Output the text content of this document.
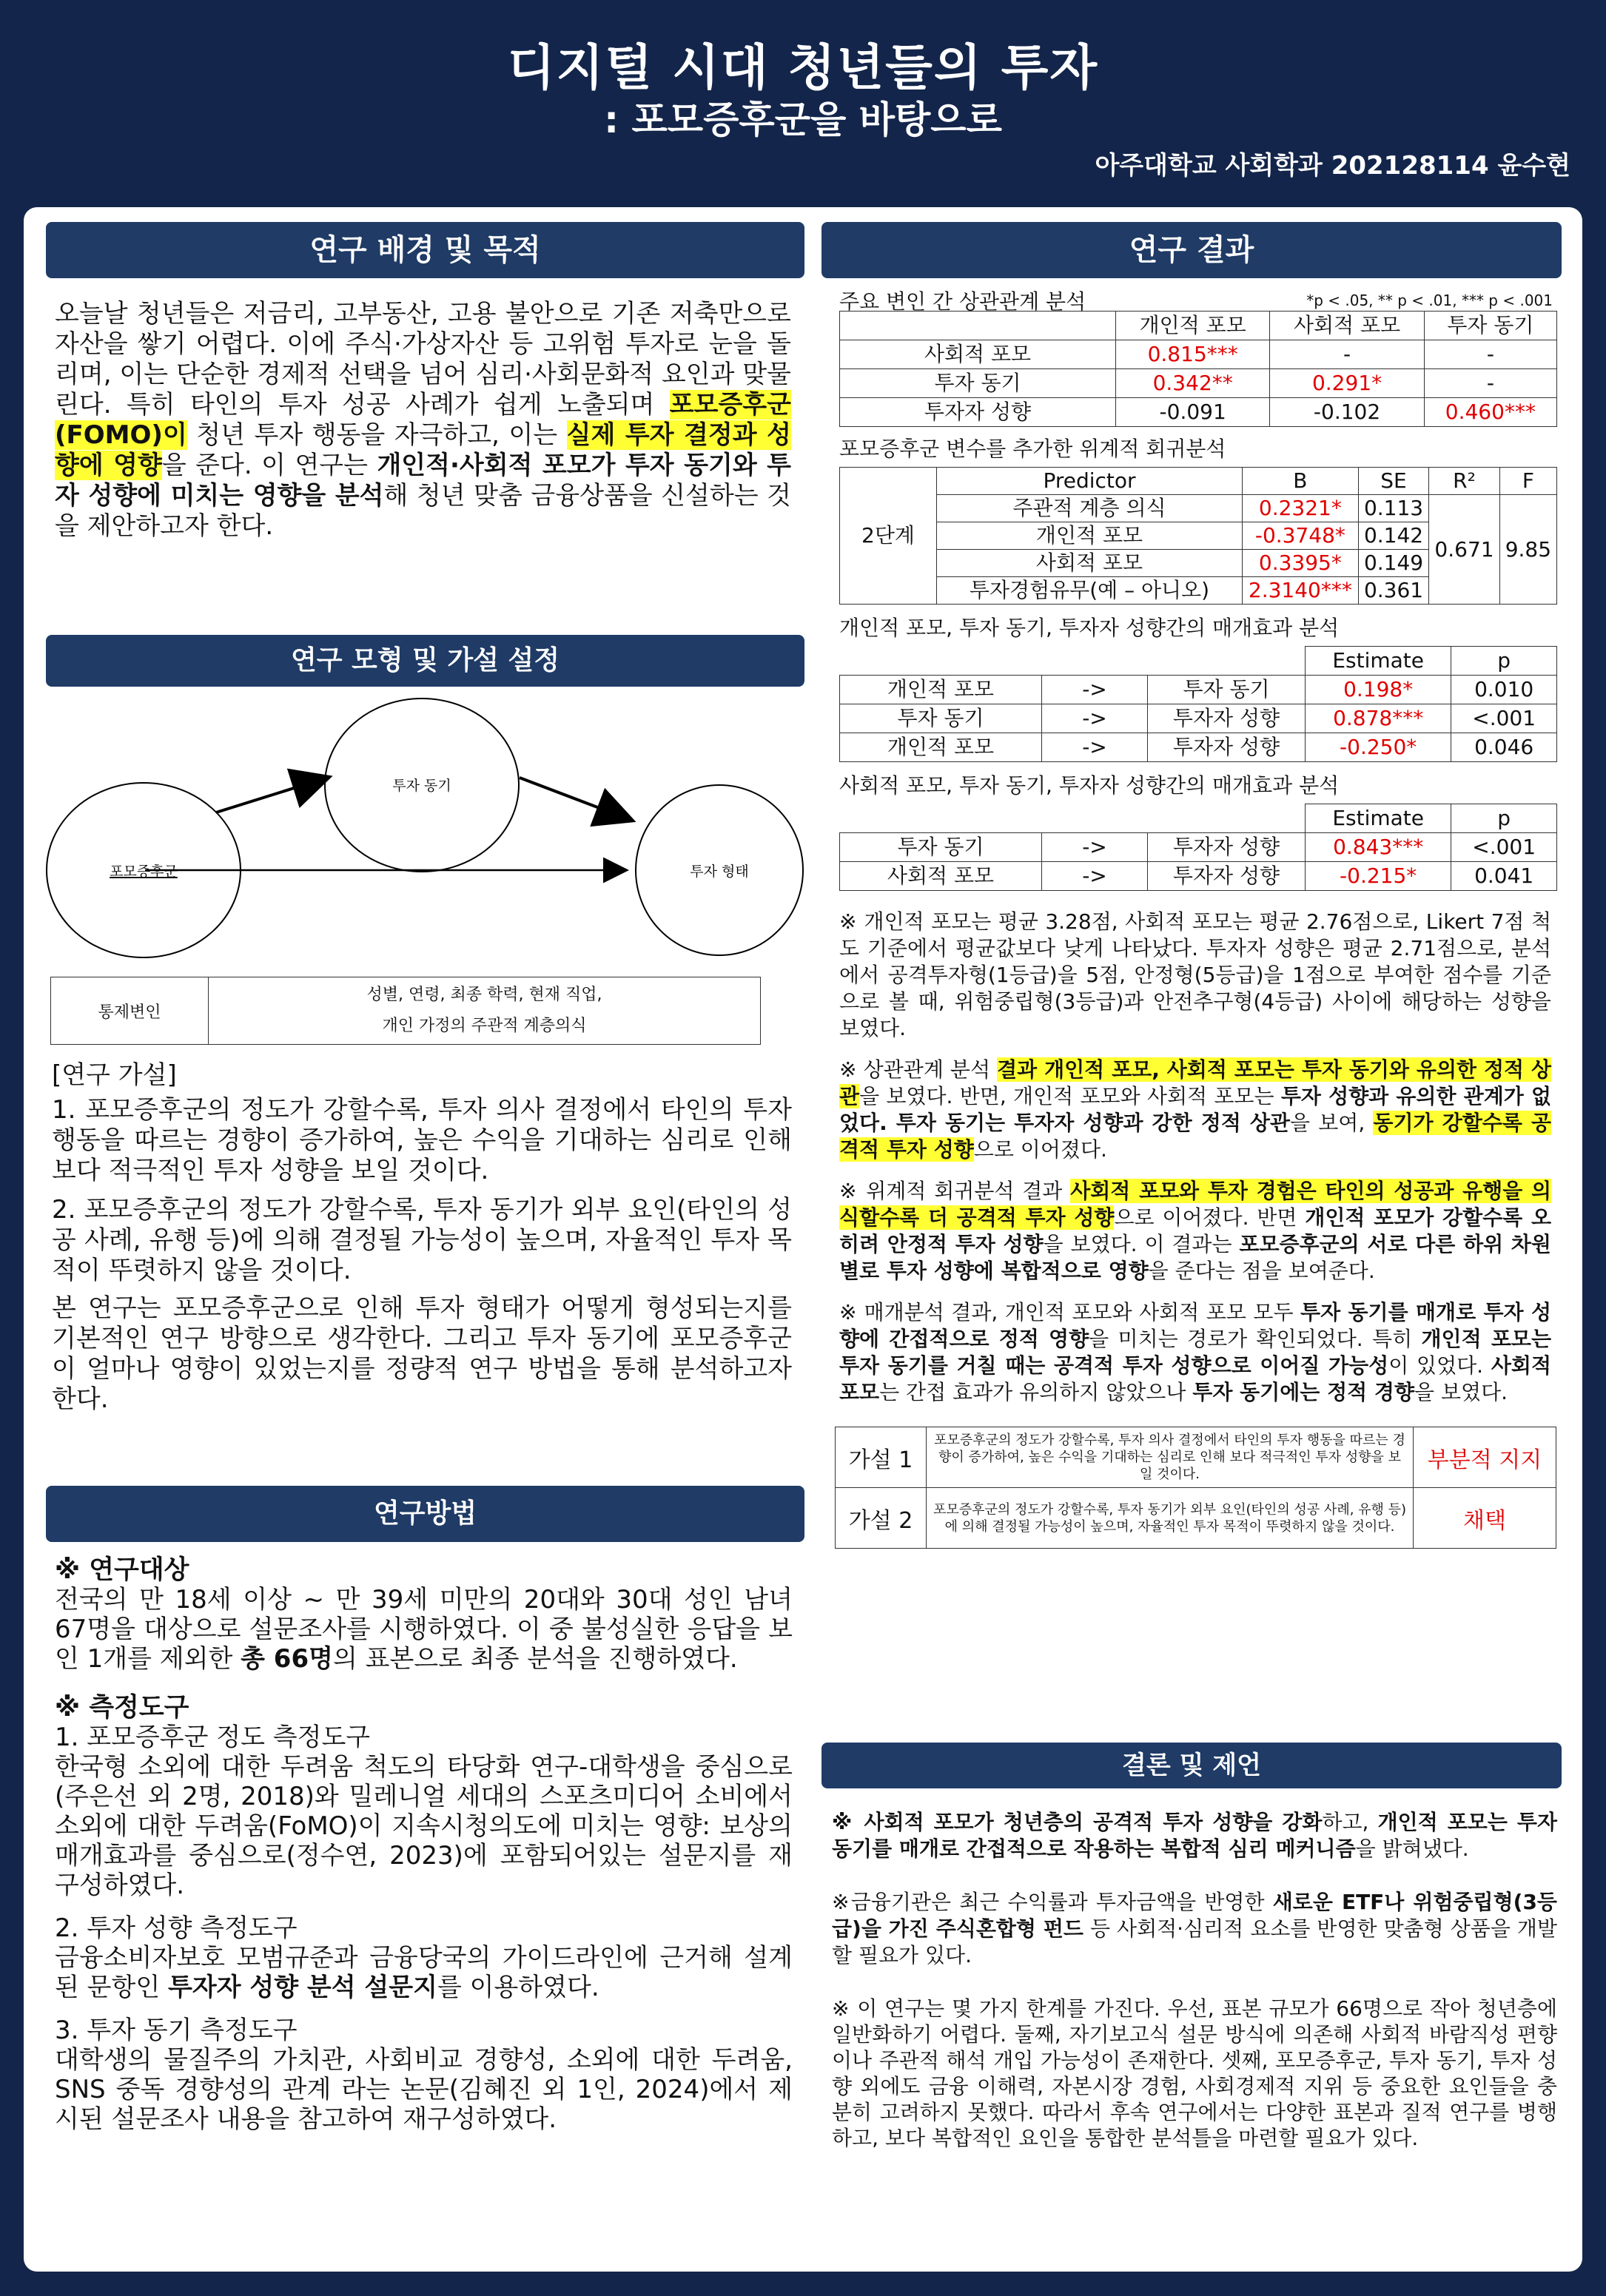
디지털 시대 청년들의 투자
: 포모증후군을 바탕으로
아주대학교 사회학과 202128114 윤수현
연구 배경 및 목적

오늘날 청년들은 저금리, 고부동산, 고용 불안으로 기존 저축만으로 자산을 쌓기 어렵다. 이에 주식·가상자산 등 고위험 투자로 눈을 돌리며, 이는 단순한 경제적 선택을 넘어 심리·사회문화적 요인과 맞물린다. 특히 타인의 투자 성공 사례가 쉽게 노출되며 포모증후군(FOMO)이 청년 투자 행동을 자극하고, 이는 실제 투자 결정과 성향에 영향을 준다. 이 연구는 개인적·사회적 포모가 투자 동기와 투자 성향에 미치는 영향을 분석해 청년 맞춤 금융상품을 신설하는 것을 제안하고자 한다.

연구 모형 및 가설 설정
포모증후군
투자 동기
투자 형태
통제변인	
성별, 연령, 최종 학력, 현재 직업,
개인 가정의 주관적 계층의식

[연구 가설]

1. 포모증후군의 정도가 강할수록, 투자 의사 결정에서 타인의 투자 행동을 따르는 경향이 증가하여, 높은 수익을 기대하는 심리로 인해 보다 적극적인 투자 성향을 보일 것이다.

2. 포모증후군의 정도가 강할수록, 투자 동기가 외부 요인(타인의 성공 사례, 유행 등)에 의해 결정될 가능성이 높으며, 자율적인 투자 목적이 뚜렷하지 않을 것이다.

본 연구는 포모증후군으로 인해 투자 형태가 어떻게 형성되는지를 기본적인 연구 방향으로 생각한다. 그리고 투자 동기에 포모증후군이 얼마나 영향이 있었는지를 정량적 연구 방법을 통해 분석하고자 한다.

연구방법

※ 연구대상

전국의 만 18세 이상 ~ 만 39세 미만의 20대와 30대 성인 남녀 67명을 대상으로 설문조사를 시행하였다. 이 중 불성실한 응답을 보인 1개를 제외한 총 66명의 표본으로 최종 분석을 진행하였다.

※ 측정도구

1. 포모증후군 정도 측정도구

한국형 소외에 대한 두려움 척도의 타당화 연구-대학생을 중심으로(주은선 외 2명, 2018)와 밀레니얼 세대의 스포츠미디어 소비에서 소외에 대한 두려움(FoMO)이 지속시청의도에 미치는 영향: 보상의 매개효과를 중심으로(정수연, 2023)에 포함되어있는 설문지를 재구성하였다.

2. 투자 성향 측정도구

금융소비자보호 모범규준과 금융당국의 가이드라인에 근거해 설계된 문항인 투자자 성향 분석 설문지를 이용하였다.

3. 투자 동기 측정도구

대학생의 물질주의 가치관, 사회비교 경향성, 소외에 대한 두려움, SNS 중독 경향성의 관계 라는 논문(김혜진 외 1인, 2024)에서 제시된 설문조사 내용을 참고하여 재구성하였다.

연구 결과
주요 변인 간 상관관계 분석	*p < .05, ** p < .01, *** p < .001
	개인적 포모	사회적 포모	투자 동기
사회적 포모	0.815***	-	-
투자 동기	0.342**	0.291*	-
투자자 성향	-0.091	-0.102	0.460***
포모증후군 변수를 추가한 위계적 회귀분석
2단계	Predictor	B	SE	R²	F
	주관적 계층 의식	0.2321*	0.113	0.671	9.85
	개인적 포모	-0.3748*	0.142		
	사회적 포모	0.3395*	0.149		
	투자경험유무(예 – 아니오)	2.3140***	0.361		
개인적 포모, 투자 동기, 투자자 성향간의 매개효과 분석
			Estimate	p
개인적 포모	->	투자 동기	0.198*	0.010
투자 동기	->	투자자 성향	0.878***	<.001
개인적 포모	->	투자자 성향	-0.250*	0.046
사회적 포모, 투자 동기, 투자자 성향간의 매개효과 분석
			Estimate	p
투자 동기	->	투자자 성향	0.843***	<.001
사회적 포모	->	투자자 성향	-0.215*	0.041

※ 개인적 포모는 평균 3.28점, 사회적 포모는 평균 2.76점으로, Likert 7점 척도 기준에서 평균값보다 낮게 나타났다. 투자자 성향은 평균 2.71점으로, 분석에서 공격투자형(1등급)을 5점, 안정형(5등급)을 1점으로 부여한 점수를 기준으로 볼 때, 위험중립형(3등급)과 안전추구형(4등급) 사이에 해당하는 성향을 보였다.

※ 상관관계 분석 결과 개인적 포모, 사회적 포모는 투자 동기와 유의한 정적 상관을 보였다. 반면, 개인적 포모와 사회적 포모는 투자 성향과 유의한 관계가 없었다. 투자 동기는 투자자 성향과 강한 정적 상관을 보여, 동기가 강할수록 공격적 투자 성향으로 이어졌다.

※ 위계적 회귀분석 결과 사회적 포모와 투자 경험은 타인의 성공과 유행을 의식할수록 더 공격적 투자 성향으로 이어졌다. 반면 개인적 포모가 강할수록 오히려 안정적 투자 성향을 보였다. 이 결과는 포모증후군의 서로 다른 하위 차원별로 투자 성향에 복합적으로 영향을 준다는 점을 보여준다.

※ 매개분석 결과, 개인적 포모와 사회적 포모 모두 투자 동기를 매개로 투자 성향에 간접적으로 정적 영향을 미치는 경로가 확인되었다. 특히 개인적 포모는 투자 동기를 거칠 때는 공격적 투자 성향으로 이어질 가능성이 있었다. 사회적 포모는 간접 효과가 유의하지 않았으나 투자 동기에는 정적 경향을 보였다.

가설 1	포모증후군의 정도가 강할수록, 투자 의사 결정에서 타인의 투자 행동을 따르는 경향이 증가하여, 높은 수익을 기대하는 심리로 인해 보다 적극적인 투자 성향을 보일 것이다.	부분적 지지
가설 2	포모증후군의 정도가 강할수록, 투자 동기가 외부 요인(타인의 성공 사례, 유행 등)에 의해 결정될 가능성이 높으며, 자율적인 투자 목적이 뚜렷하지 않을 것이다.	채택
결론 및 제언

※ 사회적 포모가 청년층의 공격적 투자 성향을 강화하고, 개인적 포모는 투자 동기를 매개로 간접적으로 작용하는 복합적 심리 메커니즘을 밝혀냈다.

※금융기관은 최근 수익률과 투자금액을 반영한 새로운 ETF나 위험중립형(3등급)을 가진 주식혼합형 펀드 등 사회적·심리적 요소를 반영한 맞춤형 상품을 개발할 필요가 있다.

※ 이 연구는 몇 가지 한계를 가진다. 우선, 표본 규모가 66명으로 작아 청년층에 일반화하기 어렵다. 둘째, 자기보고식 설문 방식에 의존해 사회적 바람직성 편향이나 주관적 해석 개입 가능성이 존재한다. 셋째, 포모증후군, 투자 동기, 투자 성향 외에도 금융 이해력, 자본시장 경험, 사회경제적 지위 등 중요한 요인들을 충분히 고려하지 못했다. 따라서 후속 연구에서는 다양한 표본과 질적 연구를 병행하고, 보다 복합적인 요인을 통합한 분석틀을 마련할 필요가 있다.
